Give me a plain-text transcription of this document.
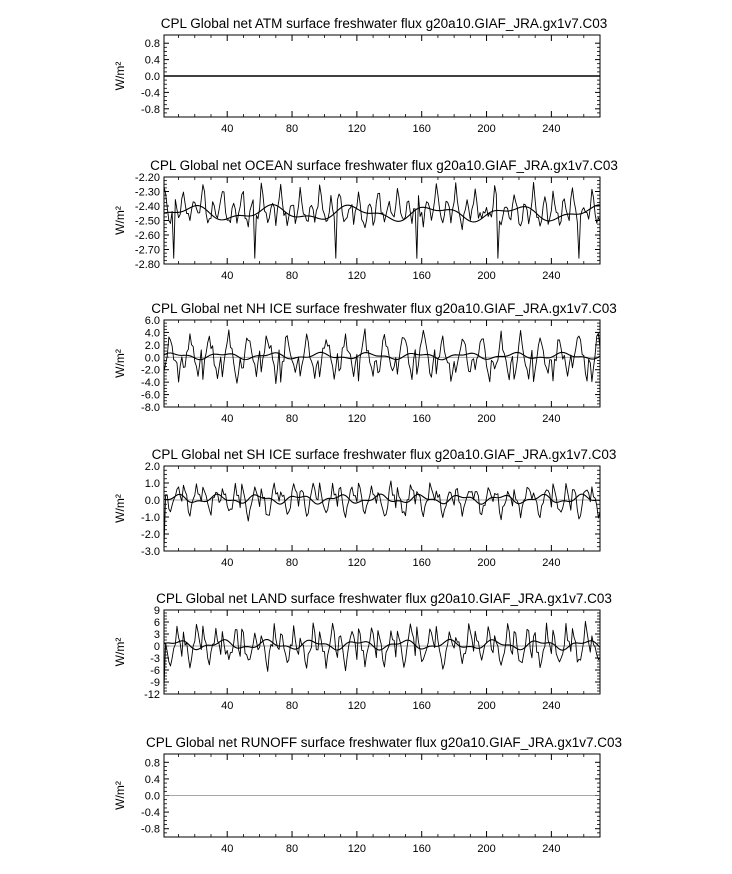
CPL Global net ATM surface freshwater flux g20a10.GIAF_JRA.gx1v7.C03
0.8
0.4
0.0
-0.4
-0.8
W/m²
40	80	120	160	200	240
CPL Global net OCEAN surface freshwater flux g20a10.GIAF_JRA.gx1v7.C03
-2.20
-2.30
-2.40
-2.50
-2.60
-2.70
-2.80
W/m²
40	80	120	160	200	240
CPL Global net NH ICE surface freshwater flux g20a10.GIAF_JRA.gx1v7.C03
6.0
4.0
2.0
0.0
-2.0
-4.0
-6.0
-8.0
W/m²
40	80	120	160	200	240
CPL Global net SH ICE surface freshwater flux g20a10.GIAF_JRA.gx1v7.C03
2.0
1.0
0.0
-1.0
-2.0
-3.0
W/m²
40	80	120	160	200	240
CPL Global net LAND surface freshwater flux g20a10.GIAF_JRA.gx1v7.C03
9
6
3
0
-3
-6
-9
-12
W/m²
40	80	120	160	200	240
CPL Global net RUNOFF surface freshwater flux g20a10.GIAF_JRA.gx1v7.C03
0.8
0.4
0.0
-0.4
-0.8
W/m²
40	80	120	160	200	240
